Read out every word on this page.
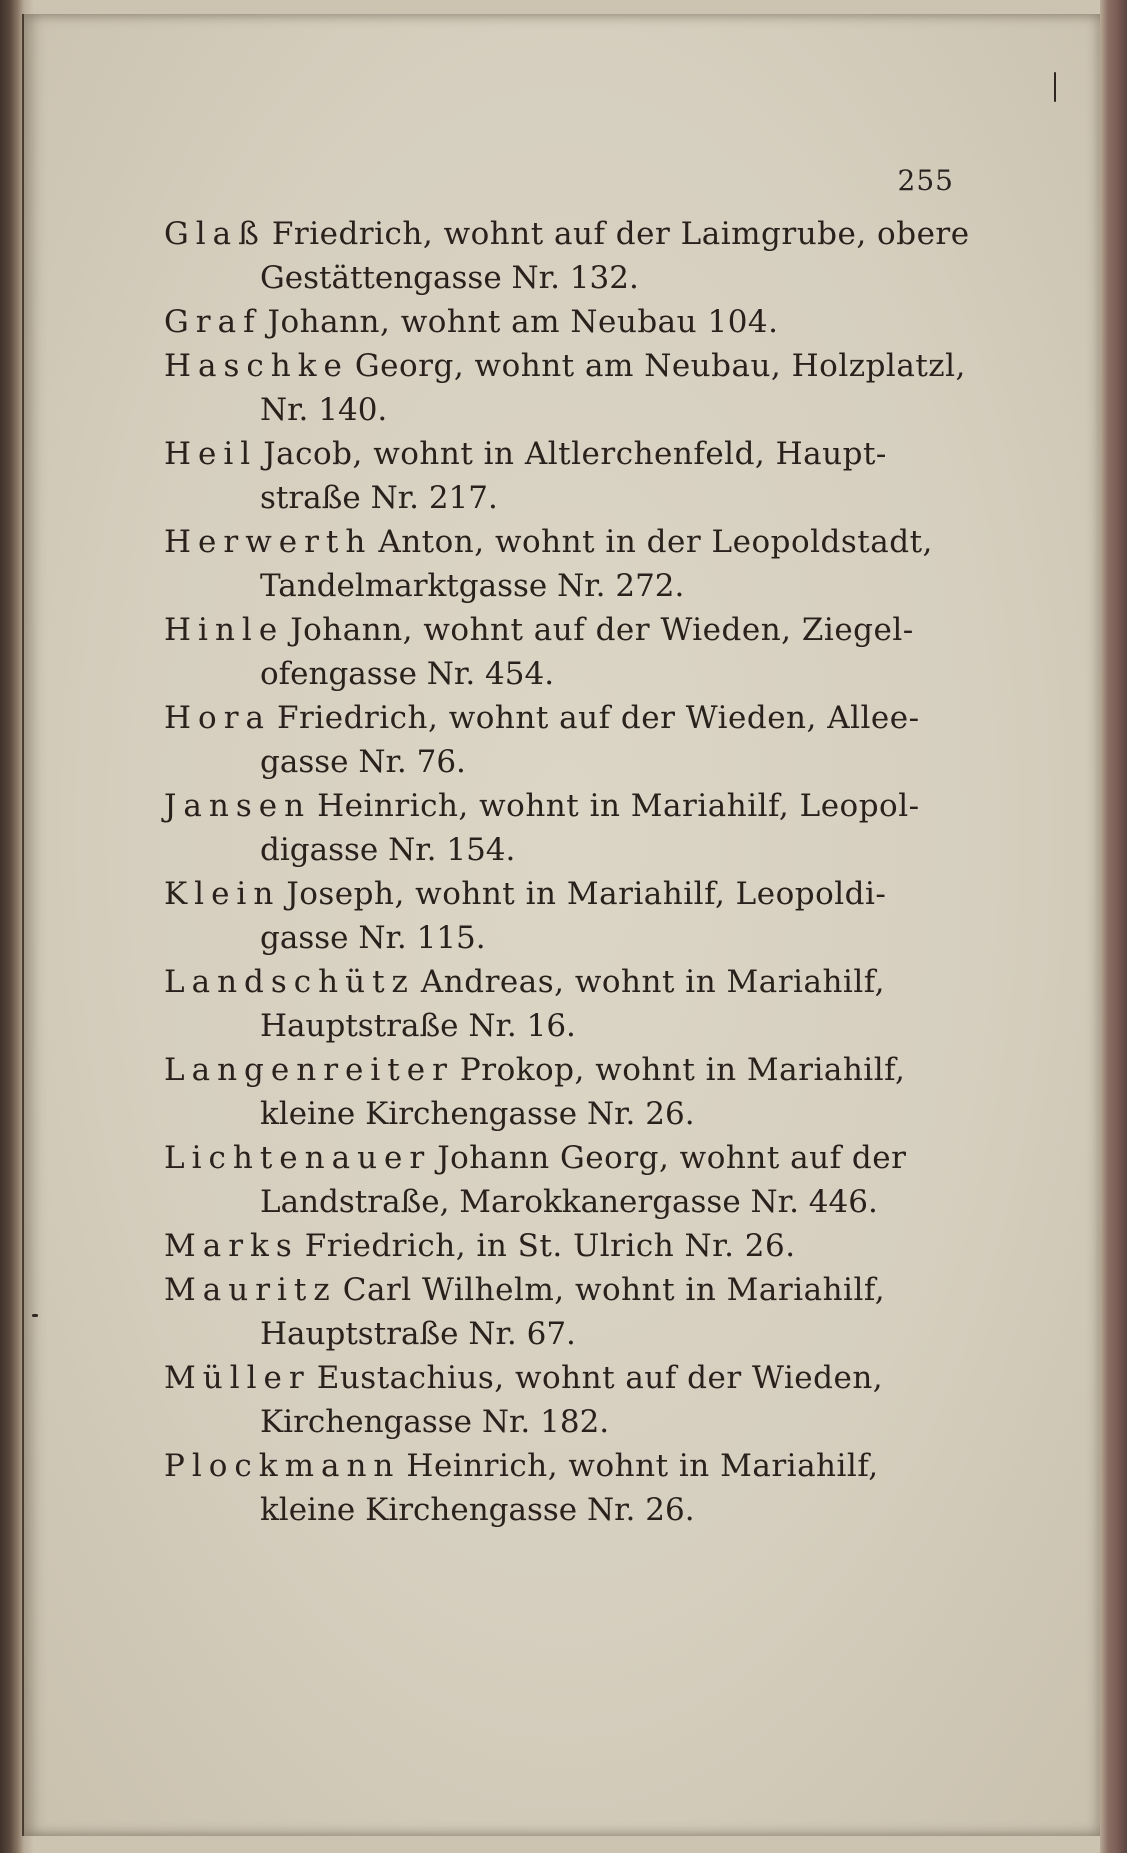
255
Glaß Friedrich, wohnt auf der Laimgrube, obere
Gestättengasse Nr. 132.
Graf Johann, wohnt am Neubau 104.
Haschke Georg, wohnt am Neubau, Holzplatzl,
Nr. 140.
Heil Jacob, wohnt in Altlerchenfeld, Haupt-
straße Nr. 217.
Herwerth Anton, wohnt in der Leopoldstadt,
Tandelmarktgasse Nr. 272.
Hinle Johann, wohnt auf der Wieden, Ziegel-
ofengasse Nr. 454.
Hora Friedrich, wohnt auf der Wieden, Allee-
gasse Nr. 76.
Jansen Heinrich, wohnt in Mariahilf, Leopol-
digasse Nr. 154.
Klein Joseph, wohnt in Mariahilf, Leopoldi-
gasse Nr. 115.
Landschütz Andreas, wohnt in Mariahilf,
Hauptstraße Nr. 16.
Langenreiter Prokop, wohnt in Mariahilf,
kleine Kirchengasse Nr. 26.
Lichtenauer Johann Georg, wohnt auf der
Landstraße, Marokkanergasse Nr. 446.
Marks Friedrich, in St. Ulrich Nr. 26.
Mauritz Carl Wilhelm, wohnt in Mariahilf,
Hauptstraße Nr. 67.
Müller Eustachius, wohnt auf der Wieden,
Kirchengasse Nr. 182.
Plockmann Heinrich, wohnt in Mariahilf,
kleine Kirchengasse Nr. 26.
